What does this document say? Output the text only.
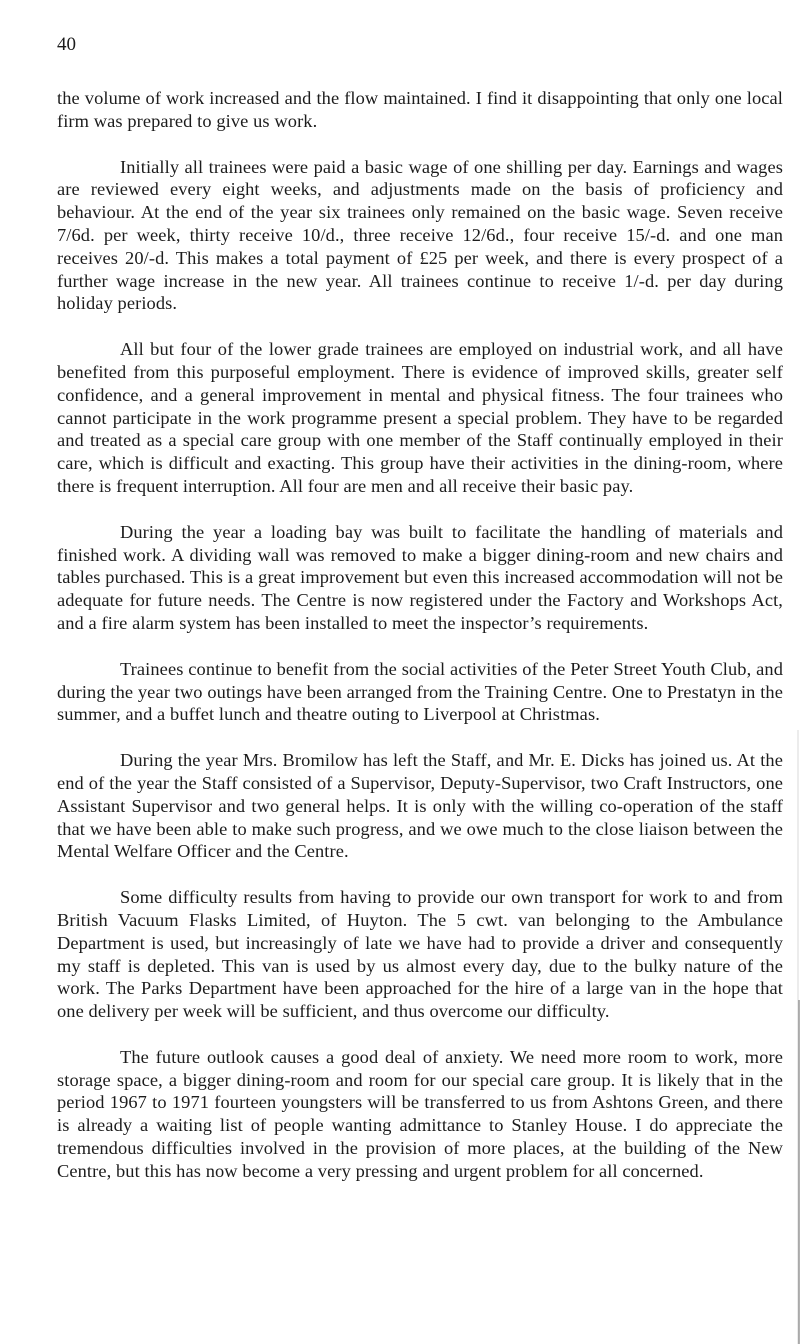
40

the volume of work increased and the flow maintained. I find it disappointing that only one local firm was prepared to give us work.

Initially all trainees were paid a basic wage of one shilling per day. Earnings and wages are reviewed every eight weeks, and adjustments made on the basis of proficiency and behaviour. At the end of the year six trainees only remained on the basic wage. Seven receive 7/6d. per week, thirty receive 10/d., three receive 12/6d., four receive 15/-d. and one man receives 20/-d. This makes a total payment of £25 per week, and there is every prospect of a further wage increase in the new year. All trainees continue to receive 1/-d. per day during holiday periods.

All but four of the lower grade trainees are employed on industrial work, and all have benefited from this purposeful employment. There is evidence of improved skills, greater self confidence, and a general improvement in mental and physical fitness. The four trainees who cannot participate in the work programme present a special problem. They have to be regarded and treated as a special care group with one member of the Staff continually employed in their care, which is difficult and exacting. This group have their activities in the dining-room, where there is frequent interruption. All four are men and all receive their basic pay.

During the year a loading bay was built to facilitate the handling of materials and finished work. A dividing wall was removed to make a bigger dining-room and new chairs and tables purchased. This is a great improvement but even this increased accommodation will not be adequate for future needs. The Centre is now registered under the Factory and Workshops Act, and a fire alarm system has been installed to meet the inspector’s requirements.

Trainees continue to benefit from the social activities of the Peter Street Youth Club, and during the year two outings have been arranged from the Training Centre. One to Prestatyn in the summer, and a buffet lunch and theatre outing to Liverpool at Christmas.

During the year Mrs. Bromilow has left the Staff, and Mr. E. Dicks has joined us. At the end of the year the Staff consisted of a Supervisor, Deputy-Supervisor, two Craft Instructors, one Assistant Supervisor and two general helps. It is only with the willing co-operation of the staff that we have been able to make such progress, and we owe much to the close liaison between the Mental Welfare Officer and the Centre.

Some difficulty results from having to provide our own transport for work to and from British Vacuum Flasks Limited, of Huyton. The 5 cwt. van belonging to the Ambulance Department is used, but increasingly of late we have had to provide a driver and consequently my staff is depleted. This van is used by us almost every day, due to the bulky nature of the work. The Parks Department have been approached for the hire of a large van in the hope that one delivery per week will be sufficient, and thus overcome our difficulty.

The future outlook causes a good deal of anxiety. We need more room to work, more storage space, a bigger dining-room and room for our special care group. It is likely that in the period 1967 to 1971 fourteen youngsters will be transferred to us from Ashtons Green, and there is already a waiting list of people wanting admittance to Stanley House. I do appreciate the tremendous difficulties involved in the provision of more places, at the building of the New Centre, but this has now become a very pressing and urgent problem for all concerned.
